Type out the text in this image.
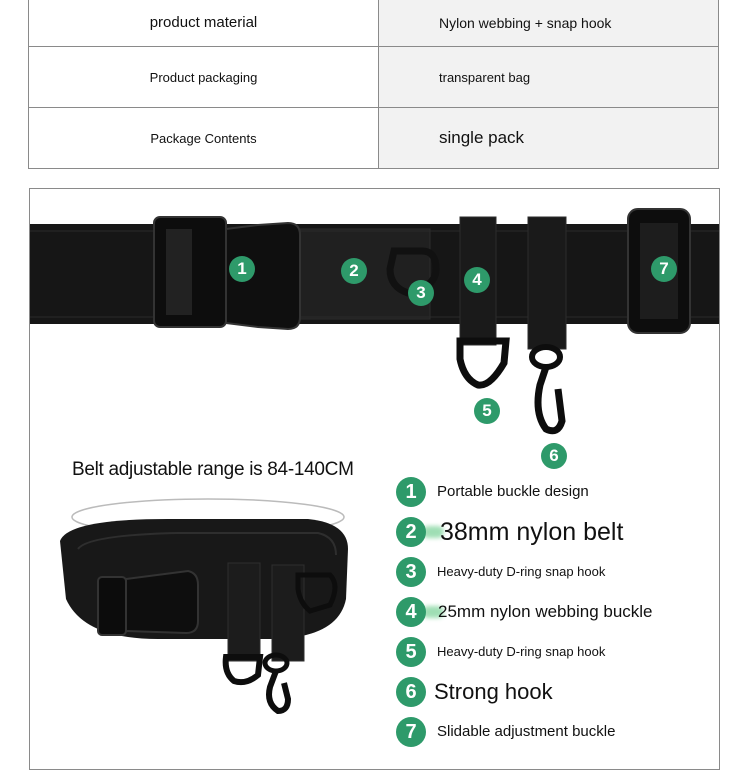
product material	Nylon webbing + snap hook
Product packaging	transparent bag
Package Contents	single pack
1	2
3
4
5
6
7
Belt adjustable range is 84-140CM
1	Portable buckle design
2 38mm nylon belt
3	Heavy-duty D-ring snap hook
4	25mm nylon webbing buckle
5	Heavy-duty D-ring snap hook
6 Strong hook
7	Slidable adjustment buckle
